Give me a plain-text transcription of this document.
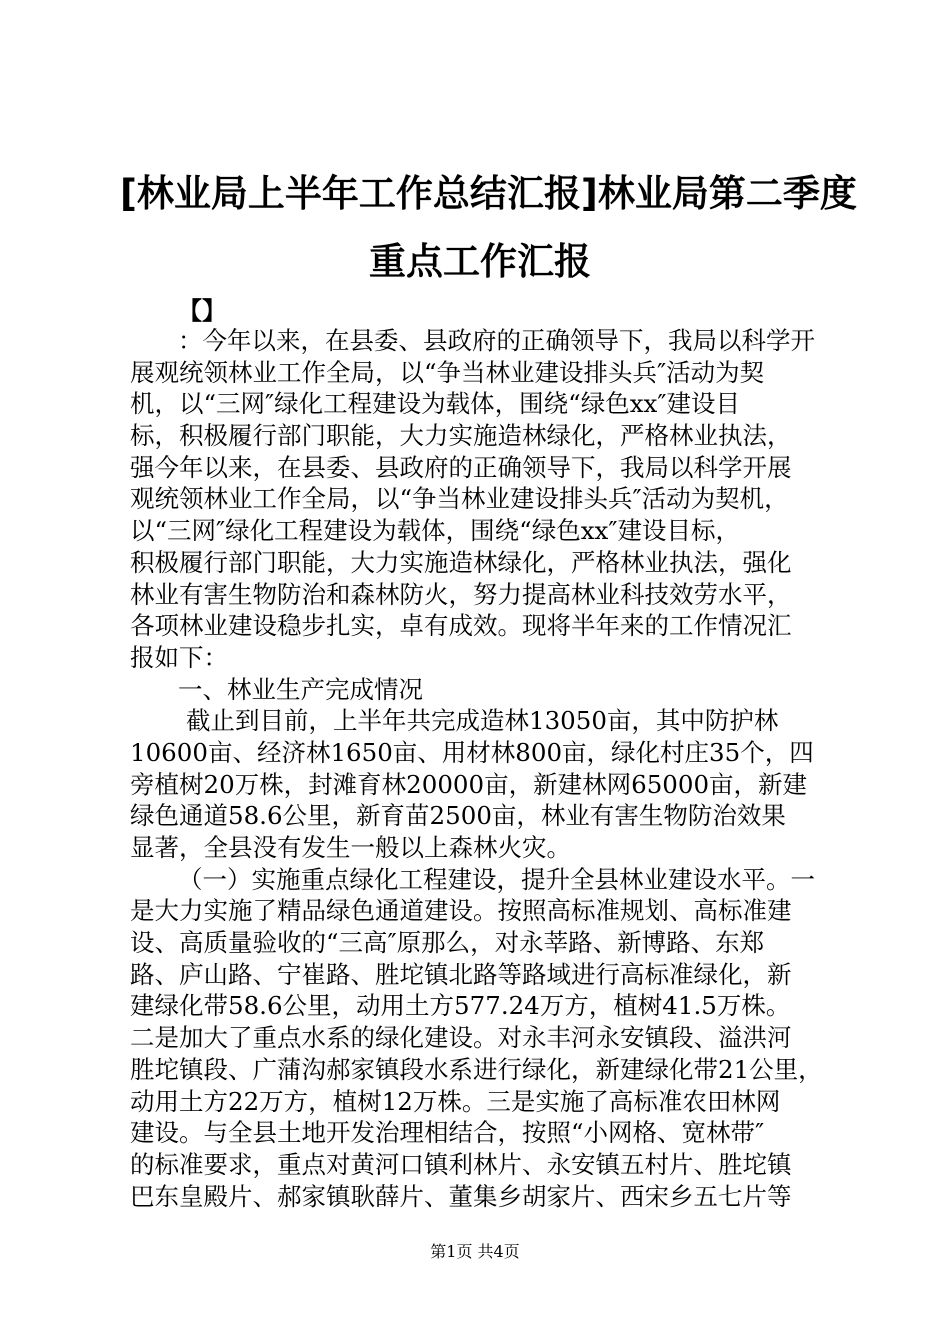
[林业局上半年工作总结汇报]林业局第二季度
重点工作汇报
【】
：今年以来，在县委、县政府的正确领导下，我局以科学开
展观统领林业工作全局，以“争当林业建设排头兵″活动为契
机，以“三网″绿化工程建设为载体，围绕“绿色xx″建设目
标，积极履行部门职能，大力实施造林绿化，严格林业执法，
强今年以来，在县委、县政府的正确领导下，我局以科学开展
观统领林业工作全局，以“争当林业建设排头兵″活动为契机，
以“三网″绿化工程建设为载体，围绕“绿色xx″建设目标，
积极履行部门职能，大力实施造林绿化，严格林业执法，强化
林业有害生物防治和森林防火，努力提高林业科技效劳水平，
各项林业建设稳步扎实，卓有成效。现将半年来的工作情况汇
报如下：
一、林业生产完成情况
截止到目前，上半年共完成造林13050亩，其中防护林
10600亩、经济林1650亩、用材林800亩，绿化村庄35个，四
旁植树20万株，封滩育林20000亩，新建林网65000亩，新建
绿色通道58.6公里，新育苗2500亩，林业有害生物防治效果
显著，全县没有发生一般以上森林火灾。
（一）实施重点绿化工程建设，提升全县林业建设水平。一
是大力实施了精品绿色通道建设。按照高标准规划、高标准建
设、高质量验收的“三高″原那么，对永莘路、新博路、东郑
路、庐山路、宁崔路、胜坨镇北路等路域进行高标准绿化，新
建绿化带58.6公里，动用土方577.24万方，植树41.5万株。
二是加大了重点水系的绿化建设。对永丰河永安镇段、溢洪河
胜坨镇段、广蒲沟郝家镇段水系进行绿化，新建绿化带21公里，
动用土方22万方，植树12万株。三是实施了高标准农田林网
建设。与全县土地开发治理相结合，按照“小网格、宽林带″
的标准要求，重点对黄河口镇利林片、永安镇五村片、胜坨镇
巴东皇殿片、郝家镇耿薛片、董集乡胡家片、西宋乡五七片等
第1页 共4页
